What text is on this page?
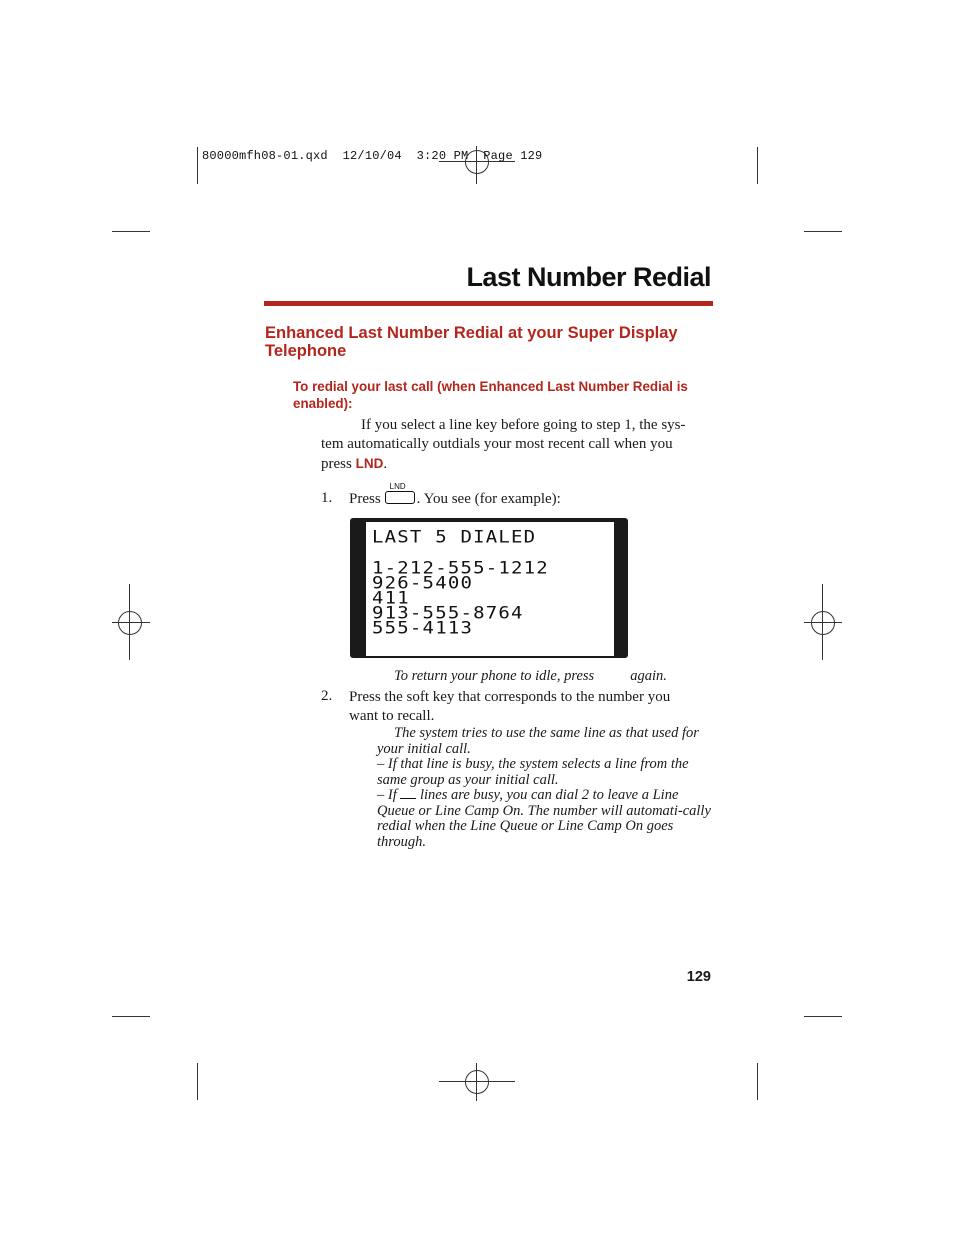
80000mfh08-01.qxd  12/10/04  3:20 PM  Page 129
Last Number Redial
Enhanced Last Number Redial at your Super Display Telephone
To redial your last call (when Enhanced Last Number Redial is enabled):
If you select a line key before going to step 1, the sys-tem automatically outdials your most recent call when you press LND.
1. Press
LND
. You see (for example):
LAST 5 DIALED
1-212-555-1212
926-5400
411
913-555-8764
555-4113
To return your phone to idle, press again.
2. Press the soft key that corresponds to the number you want to recall.
The system tries to use the same line as that used for your initial call.
– If that line is busy, the system selects a line from the same group as your initial call.
– If lines are busy, you can dial 2 to leave a Line Queue or Line Camp On. The number will automati-cally redial when the Line Queue or Line Camp On goes through.
129
